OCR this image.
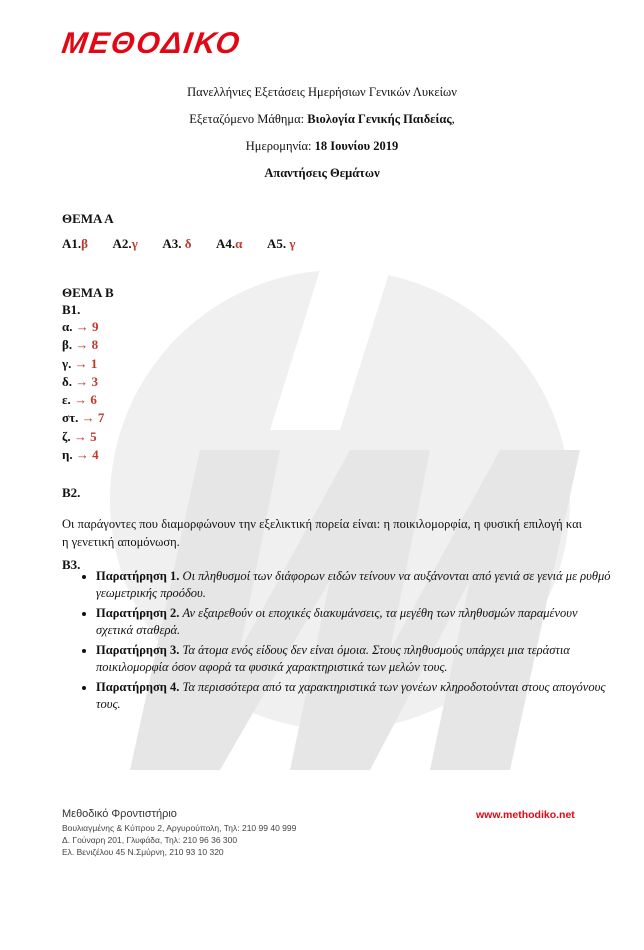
ΜΕΘΟΔΙΚΟ
Πανελλήνιες Εξετάσεις Ημερήσιων Γενικών Λυκείων
Εξεταζόμενο Μάθημα: Βιολογία Γενικής Παιδείας,
Ημερομηνία: 18 Ιουνίου 2019
Απαντήσεις Θεμάτων
ΘΕΜΑ Α
Α1.β Α2.γ Α3. δ Α4.α Α5. γ
ΘΕΜΑ Β
Β1.
α. → 9
β. → 8
γ. → 1
δ. → 3
ε. → 6
στ. → 7
ζ. → 5
η. → 4
Β2.
Οι παράγοντες που διαμορφώνουν την εξελικτική πορεία είναι: η ποικιλομορφία, η φυσική επιλογή και η γενετική απομόνωση.
Β3.
• Παρατήρηση 1. Οι πληθυσμοί των διάφορων ειδών τείνουν να αυξάνονται από γενιά σε γενιά με ρυθμό γεωμετρικής προόδου.
• Παρατήρηση 2. Αν εξαιρεθούν οι εποχικές διακυμάνσεις, τα μεγέθη των πληθυσμών παραμένουν σχετικά σταθερά.
• Παρατήρηση 3. Τα άτομα ενός είδους δεν είναι όμοια. Στους πληθυσμούς υπάρχει μια τεράστια ποικιλομορφία όσον αφορά τα φυσικά χαρακτηριστικά των μελών τους.
• Παρατήρηση 4. Τα περισσότερα από τα χαρακτηριστικά των γονέων κληροδοτούνται στους απογόνους τους.
Μεθοδικό Φροντιστήριο
Βουλιαγμένης & Κύπρου 2, Αργυρούπολη, Τηλ: 210 99 40 999
Δ. Γούναρη 201, Γλυφάδα, Τηλ: 210 96 36 300
Ελ. Βενιζέλου 45 Ν.Σμύρνη, 210 93 10 320
www.methodiko.net
